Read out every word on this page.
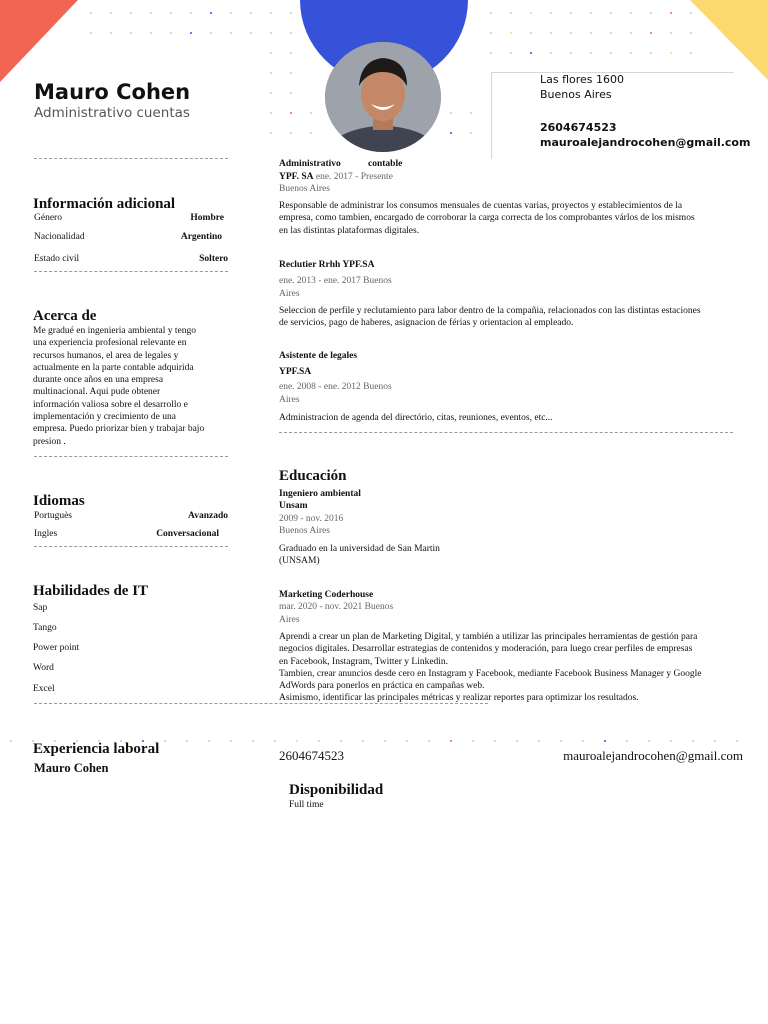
Las flores 1600
Buenos Aires
2604674523
mauroalejandrocohen@gmail.com
Mauro Cohen
Administrativo cuentas
Información adicional
Género	Hombre
Nacionalidad	Argentino
Estado civil	Soltero
Acerca de
Me gradué en ingenieria ambiental y tengo
una experiencia profesional relevante en
recursos humanos, el area de legales y
actualmente en la parte contable adquirida
durante once años en una empresa
multinacional. Aqui pude obtener
información valiosa sobre el desarrollo e
implementación y crecimiento de una
empresa. Puedo priorizar bien y trabajar bajo
presion .
Idiomas
Portuguès	Avanzado
Ingles	Conversacional
Habilidades de IT
Sap
Tango
Power point
Word
Excel
Administrativo	contable
YPF. SA ene. 2017 - Presente
Buenos Aires
Responsable de administrar los consumos mensuales de cuentas varias, proyectos y establecimientos de la
empresa, como tambien, encargado de corroborar la carga correcta de los comprobantes várlos de los mismos
en las distintas plataformas digitales.
Reclutier Rrhh YPF.SA
ene. 2013 - ene. 2017 Buenos
Aires
Seleccion de perfile y reclutamiento para labor dentro de la compañia, relacionados con las distintas estaciones
de servicios, pago de haberes, asignacion de férias y orientacion al empleado.
Asistente de legales
YPF.SA
ene. 2008 - ene. 2012 Buenos
Aires
Administracion de agenda del directório, citas, reuniones, eventos, etc...
Educación
Ingeniero ambiental
Unsam
2009 - nov. 2016
Buenos Aires
Graduado en la universidad de San Martin
(UNSAM)
Marketing Coderhouse
mar. 2020 - nov. 2021 Buenos
Aires
Aprendi a crear un plan de Marketing Digital, y también a utilizar las principales herramientas de gestión para
negocios digitales. Desarrollar estrategias de contenidos y moderación, para luego crear perfiles de empresas
en Facebook, Instagram, Twitter y Linkedin.
Tambien, crear anuncios desde cero en Instagram y Facebook, mediante Facebook Business Manager y Google
AdWords para ponerlos en práctica en campañas web.
Asimismo, identificar las principales métricas y realizar reportes para optimizar los resultados.
Experiencia laboral
Mauro Cohen
2604674523	mauroalejandrocohen@gmail.com
Disponibilidad
Full time
